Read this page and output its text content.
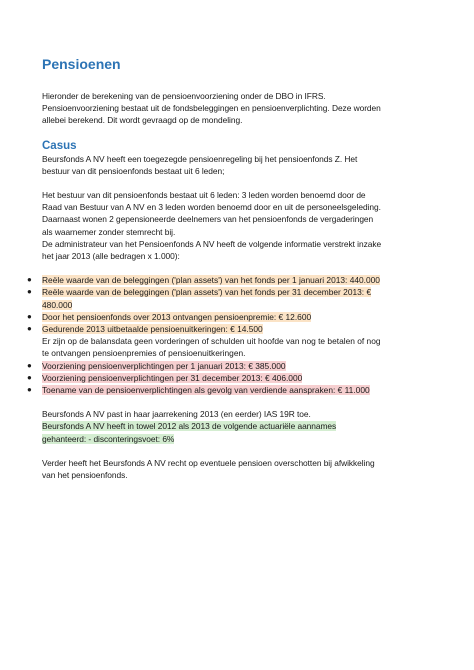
Pensioenen

Hieronder de berekening van de pensioenvoorziening onder de DBO in IFRS.

Pensioenvoorziening bestaat uit de fondsbeleggingen en pensioenverplichting. Deze worden

allebei berekend. Dit wordt gevraagd op de mondeling.

Casus

Beursfonds A NV heeft een toegezegde pensioenregeling bij het pensioenfonds Z. Het

bestuur van dit pensioenfonds bestaat uit 6 leden;

Het bestuur van dit pensioenfonds bestaat uit 6 leden: 3 leden worden benoemd door de

Raad van Bestuur van A NV en 3 leden worden benoemd door en uit de personeelsgeleding.

Daarnaast wonen 2 gepensioneerde deelnemers van het pensioenfonds de vergaderingen

als waarnemer zonder stemrecht bij.

De administrateur van het Pensioenfonds A NV heeft de volgende informatie verstrekt inzake

het jaar 2013 (alle bedragen x 1.000):

● Reële waarde van de beleggingen ('plan assets') van het fonds per 1 januari 2013: 440.000
● Reële waarde van de beleggingen ('plan assets') van het fonds per 31 december 2013: €
480.000
● Door het pensioenfonds over 2013 ontvangen pensioenpremie: € 12.600
● Gedurende 2013 uitbetaalde pensioenuitkeringen: € 14.500
Er zijn op de balansdata geen vorderingen of schulden uit hoofde van nog te betalen of nog
te ontvangen pensioenpremies of pensioenuitkeringen.
● Voorziening pensioenverplichtingen per 1 januari 2013: € 385.000
● Voorziening pensioenverplichtingen per 31 december 2013: € 406.000
● Toename van de pensioenverplichtingen als gevolg van verdiende aanspraken: € 11.000

Beursfonds A NV past in haar jaarrekening 2013 (en eerder) IAS 19R toe.

Beursfonds A NV heeft in towel 2012 als 2013 de volgende actuariële aannames

gehanteerd: - disconteringsvoet: 6%

Verder heeft het Beursfonds A NV recht op eventuele pensioen overschotten bij afwikkeling

van het pensioenfonds.
